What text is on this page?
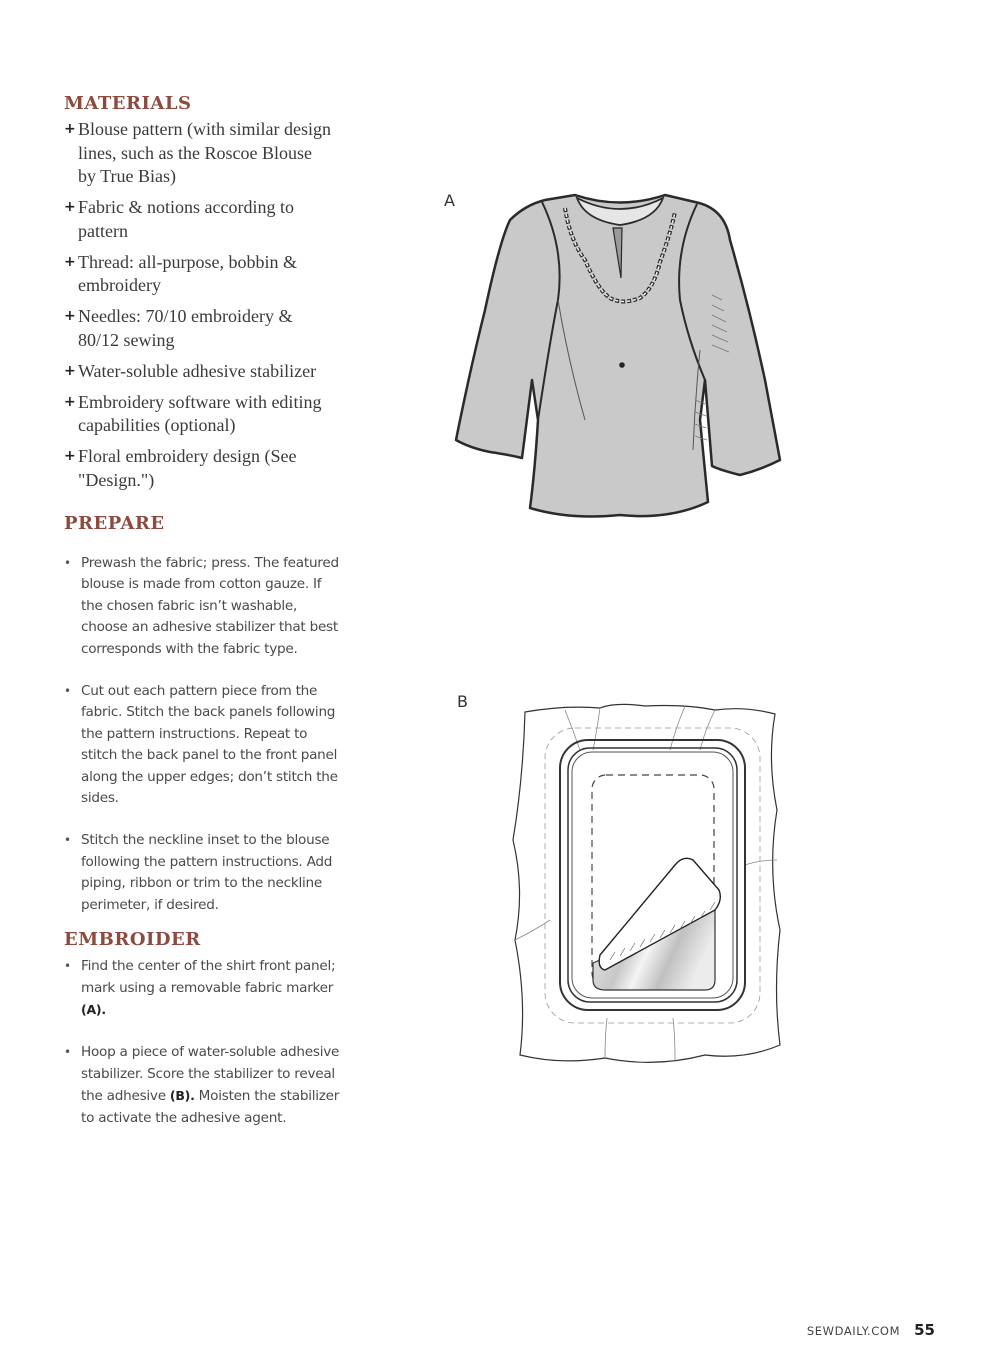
MATERIALS
+ Blouse pattern (with similar design lines, such as the Roscoe Blouse by True Bias)
+ Fabric & notions according to pattern
+ Thread: all-purpose, bobbin & embroidery
+ Needles: 70/10 embroidery & 80/12 sewing
+ Water-soluble adhesive stabilizer
+ Embroidery software with editing capabilities (optional)
+ Floral embroidery design (See "Design.")
PREPARE
• Prewash the fabric; press. The featured blouse is made from cotton gauze. If the chosen fabric isn’t washable, choose an adhesive stabilizer that best corresponds with the fabric type.
• Cut out each pattern piece from the fabric. Stitch the back panels following the pattern instructions. Repeat to stitch the back panel to the front panel along the upper edges; don’t stitch the sides.
• Stitch the neckline inset to the blouse following the pattern instructions. Add piping, ribbon or trim to the neckline perimeter, if desired.
EMBROIDER
• Find the center of the shirt front panel; mark using a removable fabric marker (A).
• Hoop a piece of water-soluble adhesive stabilizer. Score the stabilizer to reveal the adhesive (B). Moisten the stabilizer to activate the adhesive agent.
A
B
SEWDAILY.COM 55
